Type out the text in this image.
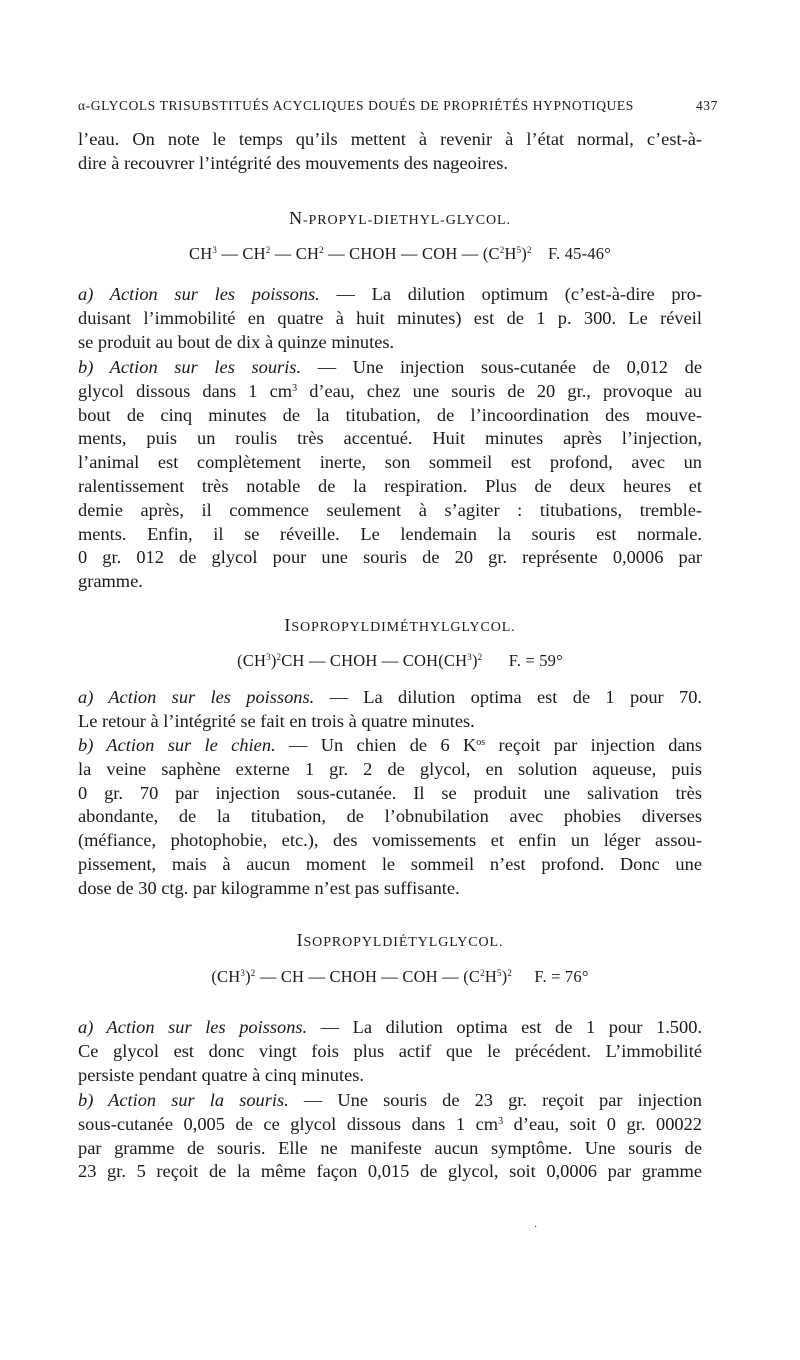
α-GLYCOLS TRISUBSTITUÉS ACYCLIQUES DOUÉS DE PROPRIÉTÉS HYPNOTIQUES	437
l’eau. On note le temps qu’ils mettent à revenir à l’état normal, c’est-à-
dire à recouvrer l’intégrité des mouvements des nageoires.
N-PROPYL-DIETHYL-GLYCOL.
$CH^3$ — $CH^2$ — $CH^2$ — CHOH — COH — $(C^2H^5)^2$ F. 45-46°
a) Action sur les poissons. — La dilution optimum (c’est-à-dire pro-
duisant l’immobilité en quatre à huit minutes) est de 1 p. 300. Le réveil
se produit au bout de dix à quinze minutes.
b) Action sur les souris. — Une injection sous-cutanée de 0,012 de
glycol dissous dans 1 $cm^3$ d’eau, chez une souris de 20 gr., provoque au
bout de cinq minutes de la titubation, de l’incoordination des mouve-
ments, puis un roulis très accentué. Huit minutes après l’injection,
l’animal est complètement inerte, son sommeil est profond, avec un
ralentissement très notable de la respiration. Plus de deux heures et
demie après, il commence seulement à s’agiter : titubations, tremble-
ments. Enfin, il se réveille. Le lendemain la souris est normale.
0 gr. 012 de glycol pour une souris de 20 gr. représente 0,0006 par
gramme.
ISOPROPYLDIMÉTHYLGLYCOL.
$(CH^3)^2CH$ — CHOH — $COH(CH^3)^2$ F. = 59°
a) Action sur les poissons. — La dilution optima est de 1 pour 70.
Le retour à l’intégrité se fait en trois à quatre minutes.
b) Action sur le chien. — Un chien de 6 $K^{os}$ reçoit par injection dans
la veine saphène externe 1 gr. 2 de glycol, en solution aqueuse, puis
0 gr. 70 par injection sous-cutanée. Il se produit une salivation très
abondante, de la titubation, de l’obnubilation avec phobies diverses
(méfiance, photophobie, etc.), des vomissements et enfin un léger assou-
pissement, mais à aucun moment le sommeil n’est profond. Donc une
dose de 30 ctg. par kilogramme n’est pas suffisante.
ISOPROPYLDIÉTYLGLYCOL.
$(CH^3)^2$ — CH — CHOH — COH — $(C^2H^5)^2$ F. = 76°
a) Action sur les poissons. — La dilution optima est de 1 pour 1.500.
Ce glycol est donc vingt fois plus actif que le précédent. L’immobilité
persiste pendant quatre à cinq minutes.
b) Action sur la souris. — Une souris de 23 gr. reçoit par injection
sous-cutanée 0,005 de ce glycol dissous dans 1 $cm^3$ d’eau, soit 0 gr. 00022
par gramme de souris. Elle ne manifeste aucun symptôme. Une souris de
23 gr. 5 reçoit de la même façon 0,015 de glycol, soit 0,0006 par gramme
·
